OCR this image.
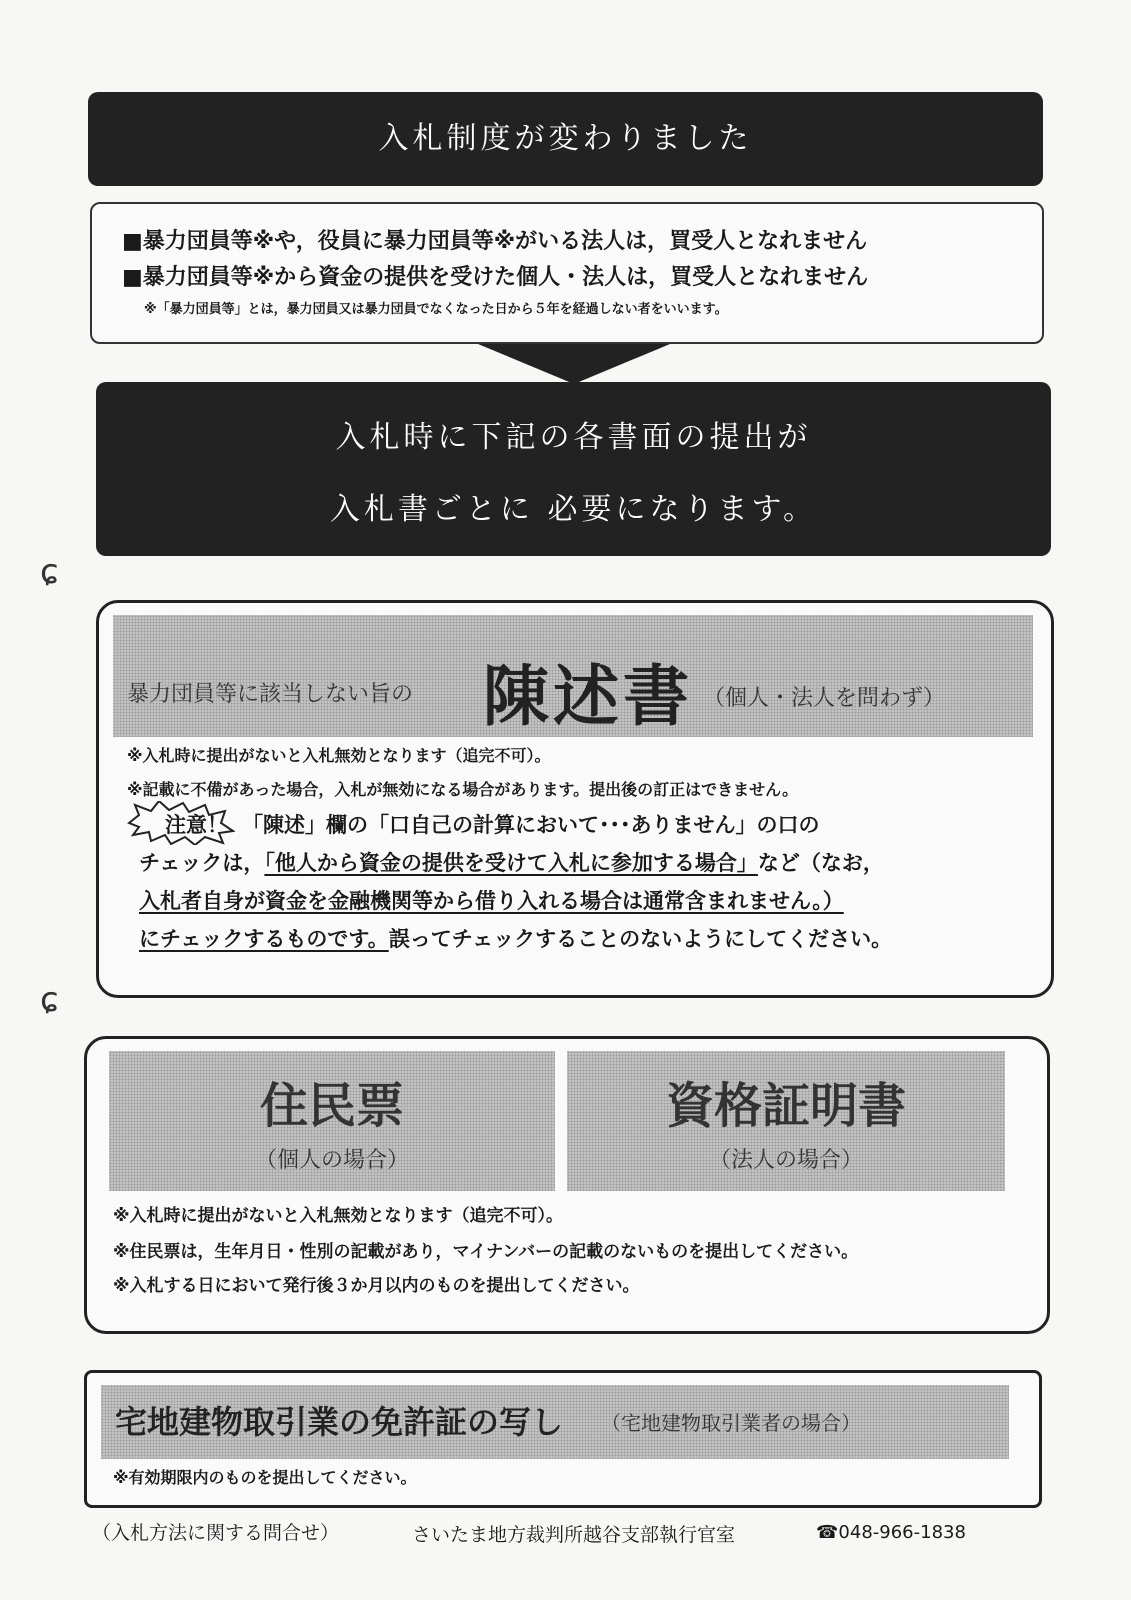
入札制度が変わりました
■暴力団員等※や，役員に暴力団員等※がいる法人は，買受人となれません
■暴力団員等※から資金の提供を受けた個人・法人は，買受人となれません
※「暴力団員等」とは，暴力団員又は暴力団員でなくなった日から５年を経過しない者をいいます。
入札時に下記の各書面の提出が
入札書ごとに 必要になります。
ɕ
ɕ
暴力団員等に該当しない旨の 陳述書 （個人・法人を問わず）
※入札時に提出がないと入札無効となります（追完不可）。
※記載に不備があった場合，入札が無効になる場合があります。提出後の訂正はできません。
注意！ 「陳述」欄の「口自己の計算において･･･ありません」の口の
チェックは，「他人から資金の提供を受けて入札に参加する場合」など（なお，
入札者自身が資金を金融機関等から借り入れる場合は通常含まれません。）
にチェックするものです。誤ってチェックすることのないようにしてください。
住民票
（個人の場合）
資格証明書
（法人の場合）
※入札時に提出がないと入札無効となります（追完不可）。
※住民票は，生年月日・性別の記載があり，マイナンバーの記載のないものを提出してください。
※入札する日において発行後３か月以内のものを提出してください。
宅地建物取引業の免許証の写し （宅地建物取引業者の場合）
※有効期限内のものを提出してください。
（入札方法に関する問合せ）	さいたま地方裁判所越谷支部執行官室	☎048-966-1838
